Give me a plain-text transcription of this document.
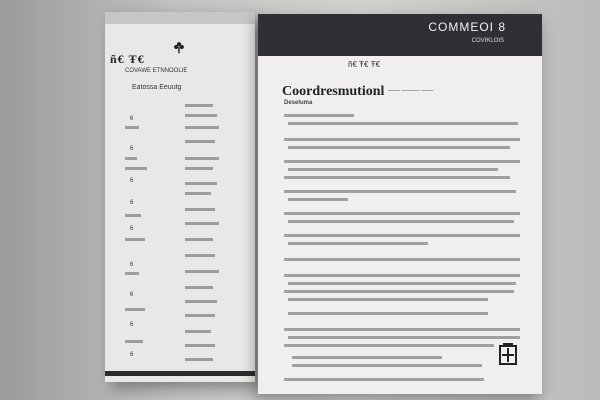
ñ€ Ŧ€
COVAWE ETNNOOLIE
Eatossa Eeuutg
6
6
6
6
6
6
6
6
6
COMMEOI 8
COVIKLOIS
ñ€ Ŧ€ Ŧ€
Coordresmutionl —— ——— ——
Deseluma
